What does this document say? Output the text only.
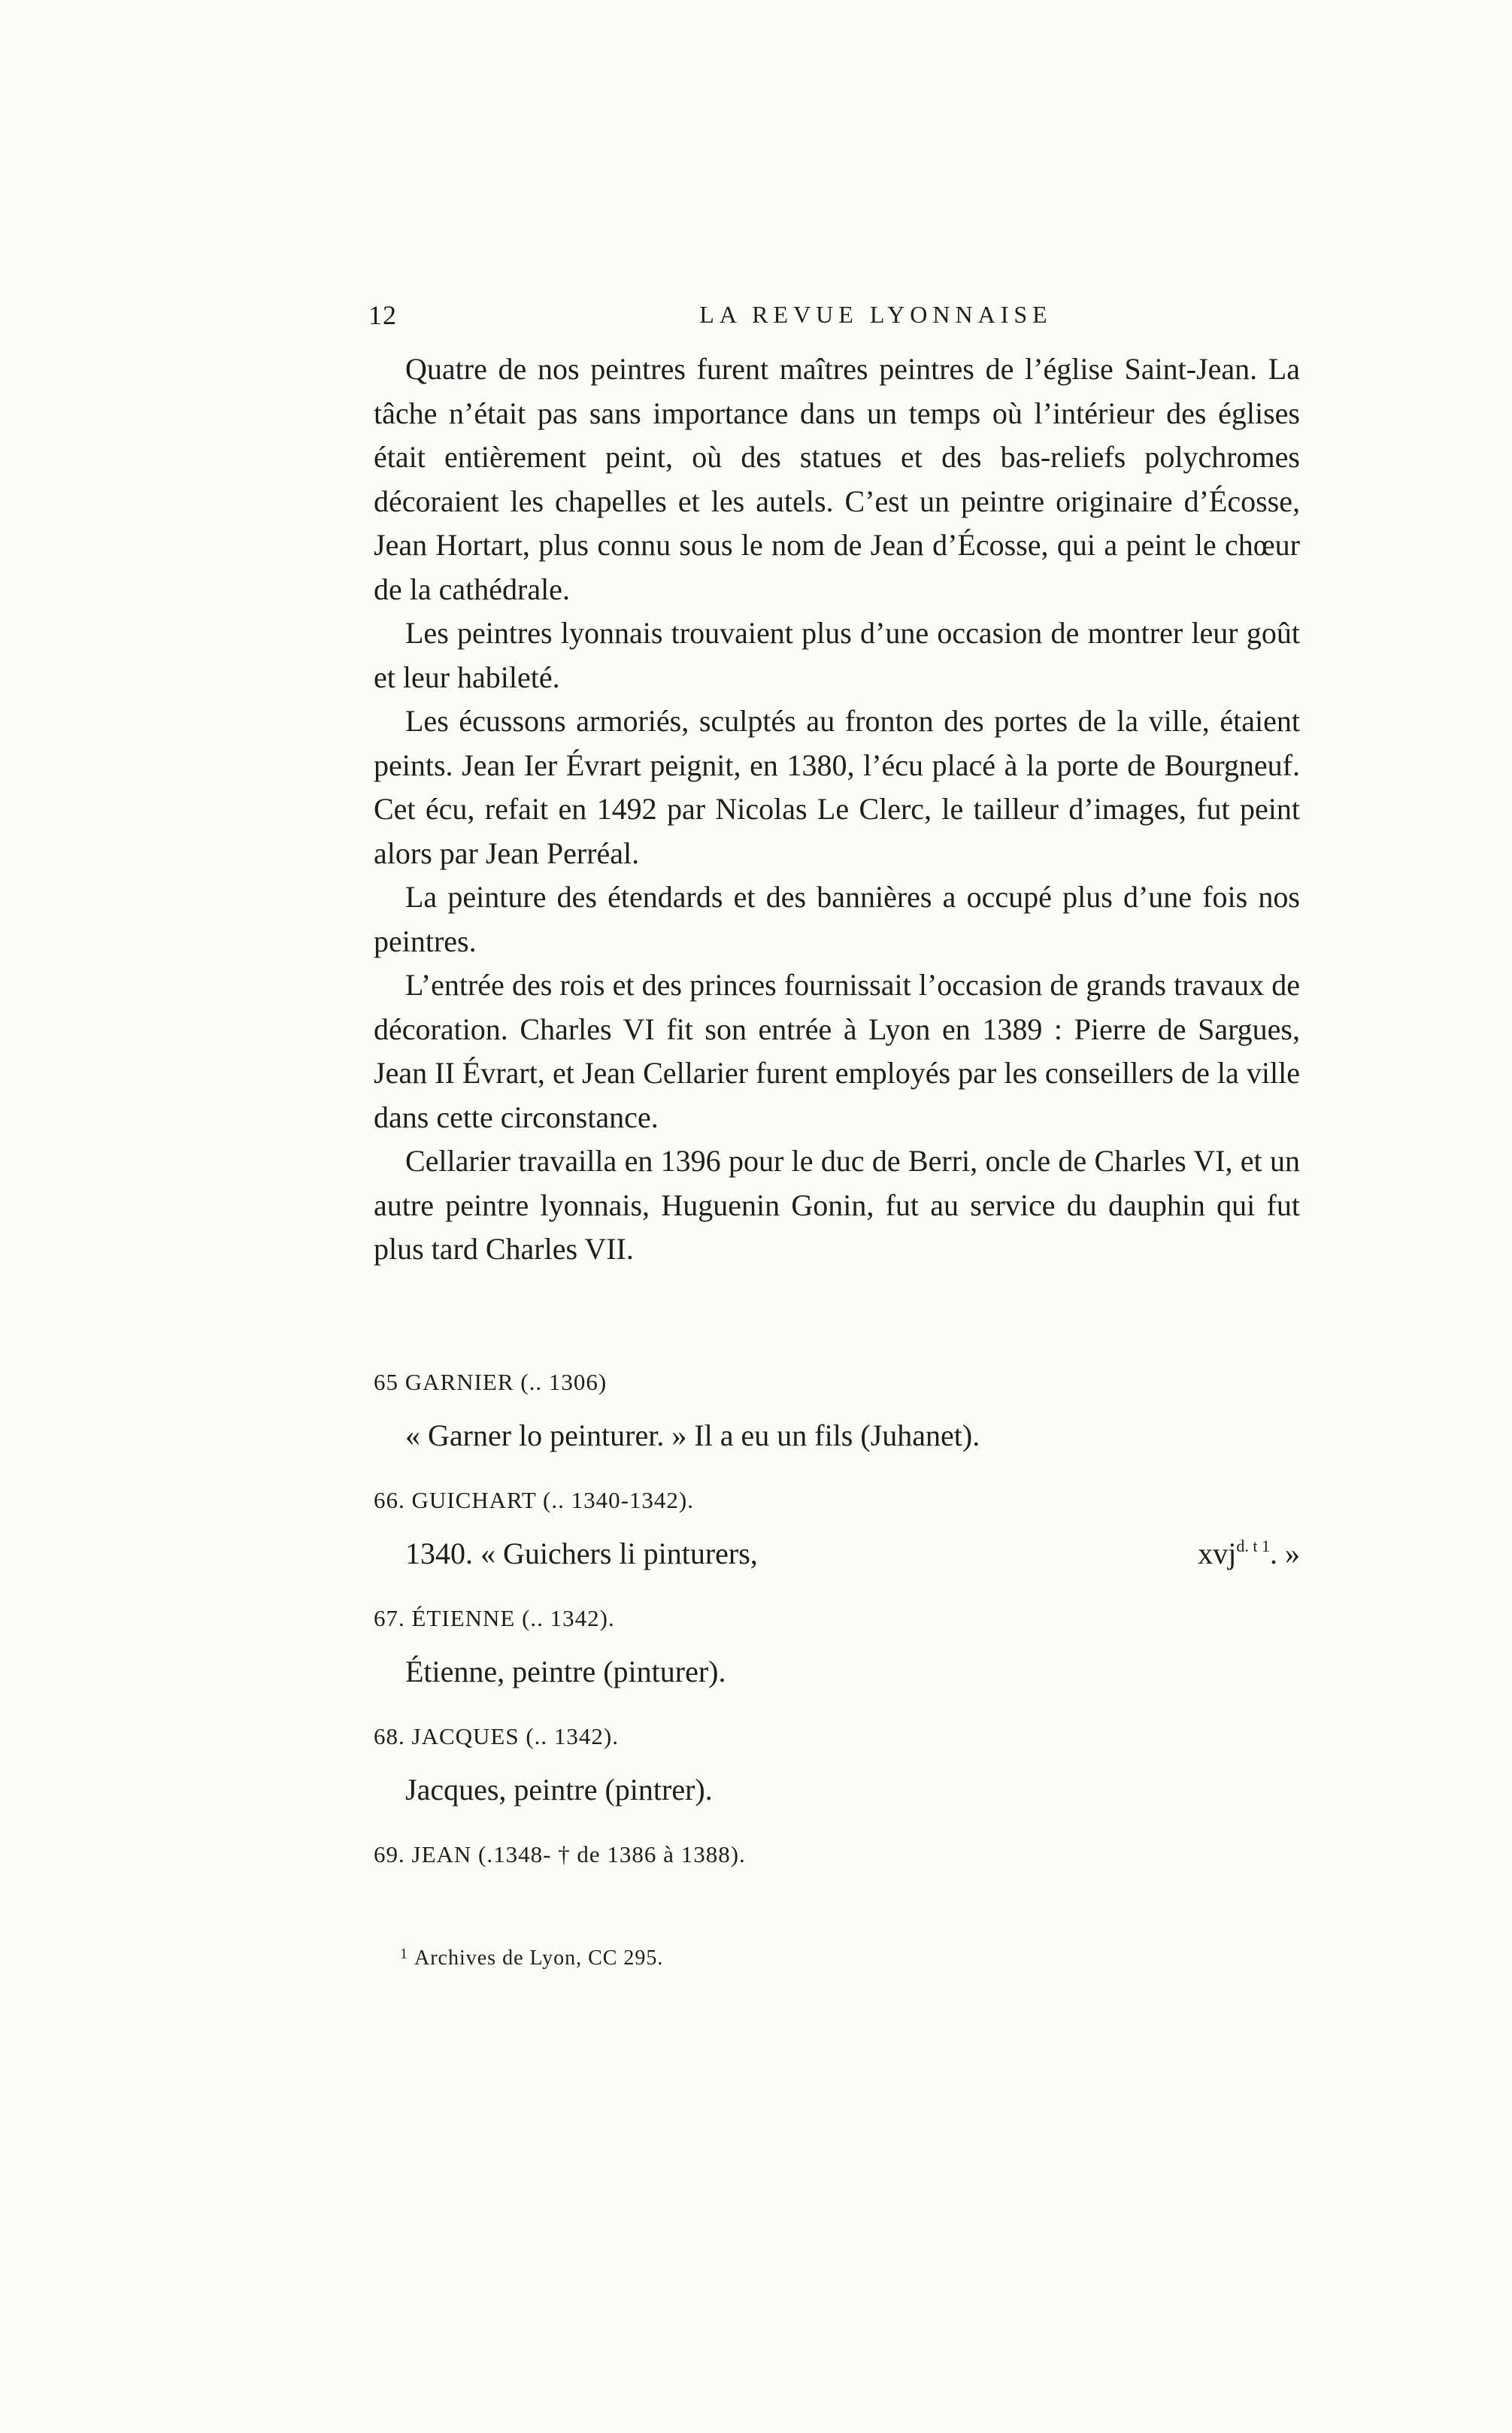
12	LA REVUE LYONNAISE

Quatre de nos peintres furent maîtres peintres de l’église Saint-Jean. La tâche n’était pas sans importance dans un temps où l’intérieur des églises était entièrement peint, où des statues et des bas-reliefs polychromes décoraient les chapelles et les autels. C’est un peintre originaire d’Écosse, Jean Hortart, plus connu sous le nom de Jean d’Écosse, qui a peint le chœur de la cathédrale.

Les peintres lyonnais trouvaient plus d’une occasion de montrer leur goût et leur habileté.

Les écussons armoriés, sculptés au fronton des portes de la ville, étaient peints. Jean Ier Évrart peignit, en 1380, l’écu placé à la porte de Bourgneuf. Cet écu, refait en 1492 par Nicolas Le Clerc, le tailleur d’images, fut peint alors par Jean Perréal.

La peinture des étendards et des bannières a occupé plus d’une fois nos peintres.

L’entrée des rois et des princes fournissait l’occasion de grands travaux de décoration. Charles VI fit son entrée à Lyon en 1389 : Pierre de Sargues, Jean II Évrart, et Jean Cellarier furent employés par les conseillers de la ville dans cette circonstance.

Cellarier travailla en 1396 pour le duc de Berri, oncle de Charles VI, et un autre peintre lyonnais, Huguenin Gonin, fut au service du dauphin qui fut plus tard Charles VII.

65 GARNIER (.. 1306)

« Garner lo peinturer. » Il a eu un fils (Juhanet).

66. GUICHART (.. 1340-1342).

1340. « Guichers li pinturers,	xvj$^{d. t 1}$. »

67. ÉTIENNE (.. 1342).

Étienne, peintre (pinturer).

68. JACQUES (.. 1342).

Jacques, peintre (pintrer).

69. JEAN (.1348- † de 1386 à 1388).

$^1$ Archives de Lyon, CC 295.
